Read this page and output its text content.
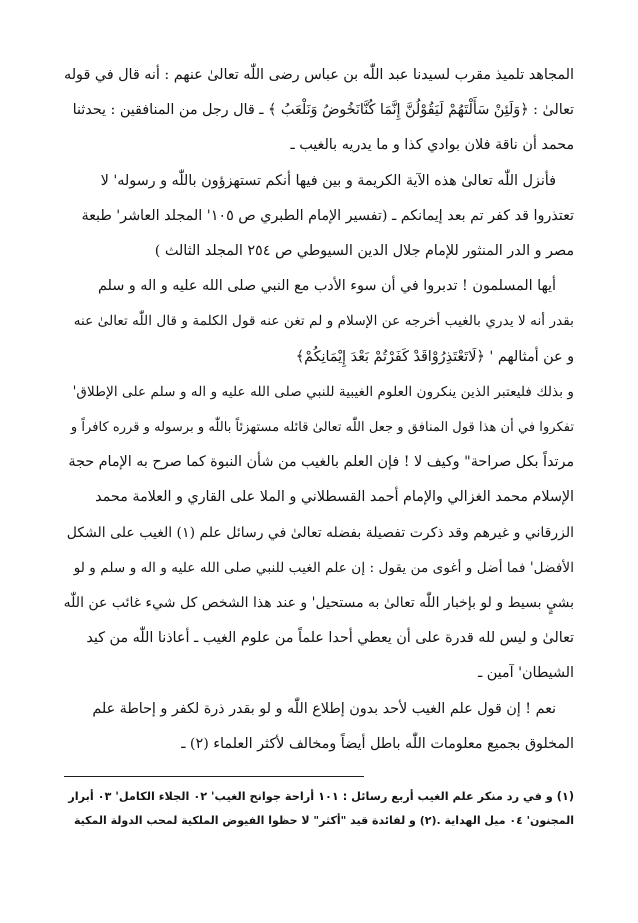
المجاهد تلميذ مقرب لسيدنا عبد اللّٰه بن عباس رضی اللّٰه تعالیٰ عنهم : أنه قال في قوله

تعالیٰ : ﴿وَلَئِنْ سَأَلْتَهُمْ لَيَقُوْلُنَّ إِنَّمَا كُنَّانَخُوضُ وَنَلْعَبُ ﴾ ـ قال رجل من المنافقين : يحدثنا

محمد أن ناقة فلان بوادي كذا و ما يدريه بالغيب ـ

فأنزل اللّٰه تعالیٰ هذه الآية الكريمة و بين فيها أنكم تستهزؤون باللّٰه و رسوله' لا

تعتذروا قد كفر تم بعد إيمانكم ـ (تفسير الإمام الطبري ص ١٠٥' المجلد العاشر' طبعة

مصر و الدر المنثور للإمام جلال الدين السيوطي ص ٢٥٤ المجلد الثالث )

أيها المسلمون ! تدبروا في أن سوء الأدب مع النبي صلى الله عليه و اله و سلم

بقدر أنه لا يدري بالغيب أخرجه عن الإسلام و لم تغن عنه قول الكلمة و قال اللّٰه تعالیٰ عنه

و عن أمثالهم ' ﴿لَاتَعْتَذِرُوْاقَدْ كَفَرْتُمْ بَعْدَ إِيْمَانِكُمْ﴾

و بذلك فليعتبر الذين ينكرون العلوم الغيبية للنبي صلى الله عليه و اله و سلم على الإطلاق'

تفكروا في أن هذا قول المنافق و جعل اللّٰه تعالیٰ قائله مستهزئاً باللّٰه و برسوله و قرره كافراً و

مرتداً بكل صراحة" وكيف لا ! فإن العلم بالغيب من شأن النبوة كما صرح به الإمام حجة

الإسلام محمد الغزالي والإمام أحمد القسطلاني و الملا على القاري و العلامة محمد

الزرقاني و غيرهم وقد ذكرت تفصيلة بفضله تعالیٰ في رسائل علم (١) الغيب على الشكل

الأفضل' فما أضل و أغوى من يقول : إن علم الغيب للنبي صلى الله عليه و اله و سلم و لو

بشيٍ بسيط و لو بإخبار اللّٰه تعالیٰ به مستحيل' و عند هذا الشخص كل شيء غائب عن اللّٰه

تعالیٰ و ليس لله قدرة على أن يعطي أحدا علماً من علوم الغيب ـ أعاذنا اللّٰه من كيد

الشيطان' آمين ـ

نعم ! إن قول علم الغيب لأحد بدون إطلاع اللّٰه و لو بقدر ذرة لكفر و إحاطة علم

المخلوق بجميع معلومات اللّٰه باطل أيضاً ومخالف لأكثر العلماء (٢) ـ

(١) و في رد منكر علم الغيب أربع رسائل : ١٠١ أراحة جوانح الغيب' ٠٢ الجلاء الكامل' ٠٣ أبرار

المجنون' ٠٤ ميل الهداية .(٢) و لفائدة قيد "أكثر" لا حظوا الفيوض الملكية لمحب الدولة المكية
